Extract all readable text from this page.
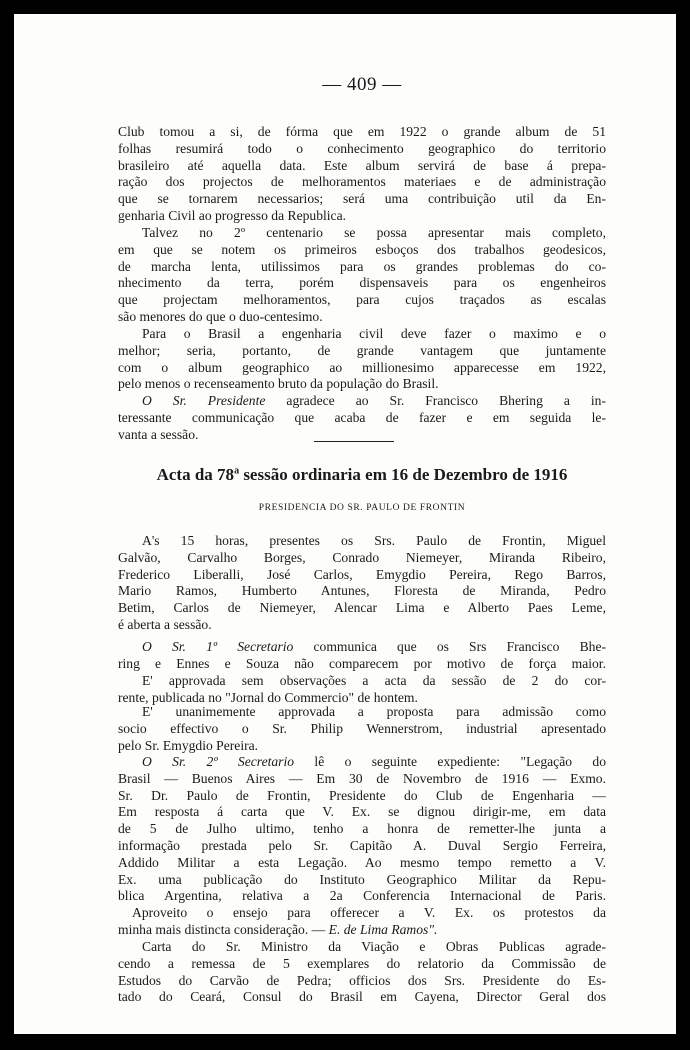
— 409 —
Club tomou a si, de fórma que em 1922 o grande album de 51
folhas resumirá todo o conhecimento geographico do territorio
brasileiro até aquella data. Este album servirá de base á prepa-
ração dos projectos de melhoramentos materiaes e de administração
que se tornarem necessarios; será uma contribuição util da En-
genharia Civil ao progresso da Republica.
Talvez no 2º centenario se possa apresentar mais completo,
em que se notem os primeiros esboços dos trabalhos geodesicos,
de marcha lenta, utilissimos para os grandes problemas do co-
nhecimento da terra, porém dispensaveis para os engenheiros
que projectam melhoramentos, para cujos traçados as escalas
são menores do que o duo-centesimo.
Para o Brasil a engenharia civil deve fazer o maximo e o
melhor; seria, portanto, de grande vantagem que juntamente
com o album geographico ao millionesimo apparecesse em 1922,
pelo menos o recenseamento bruto da população do Brasil.
O Sr. Presidente agradece ao Sr. Francisco Bhering a in-
teressante communicação que acaba de fazer e em seguida le-
vanta a sessão.
Acta da 78$^a$ sessão ordinaria em 16 de Dezembro de 1916
PRESIDENCIA DO SR. PAULO DE FRONTIN
A's 15 horas, presentes os Srs. Paulo de Frontin, Miguel
Galvão, Carvalho Borges, Conrado Niemeyer, Miranda Ribeiro,
Frederico Liberalli, José Carlos, Emygdio Pereira, Rego Barros,
Mario Ramos, Humberto Antunes, Floresta de Miranda, Pedro
Betim, Carlos de Niemeyer, Alencar Lima e Alberto Paes Leme,
é aberta a sessão.
O Sr. 1º Secretario communica que os Srs Francisco Bhe-
ring e Ennes e Souza não comparecem por motivo de força maior.
E' approvada sem observações a acta da sessão de 2 do cor-
rente, publicada no "Jornal do Commercio" de hontem.
E' unanimemente approvada a proposta para admissão como
socio effectivo o Sr. Philip Wennerstrom, industrial apresentado
pelo Sr. Emygdio Pereira.
O Sr. 2º Secretario lê o seguinte expediente: "Legação do
Brasil — Buenos Aires — Em 30 de Novembro de 1916 — Exmo.
Sr. Dr. Paulo de Frontin, Presidente do Club de Engenharia —
Em resposta á carta que V. Ex. se dignou dirigir-me, em data
de 5 de Julho ultimo, tenho a honra de remetter-lhe junta a
informação prestada pelo Sr. Capitão A. Duval Sergio Ferreira,
Addido Militar a esta Legação. Ao mesmo tempo remetto a V.
Ex. uma publicação do Instituto Geographico Militar da Repu-
blica Argentina, relativa a 2a Conferencia Internacional de Paris.
Aproveito o ensejo para offerecer a V. Ex. os protestos da
minha mais distincta consideração. — E. de Lima Ramos".
Carta do Sr. Ministro da Viação e Obras Publicas agrade-
cendo a remessa de 5 exemplares do relatorio da Commissão de
Estudos do Carvão de Pedra; officios dos Srs. Presidente do Es-
tado do Ceará, Consul do Brasil em Cayena, Director Geral dos
